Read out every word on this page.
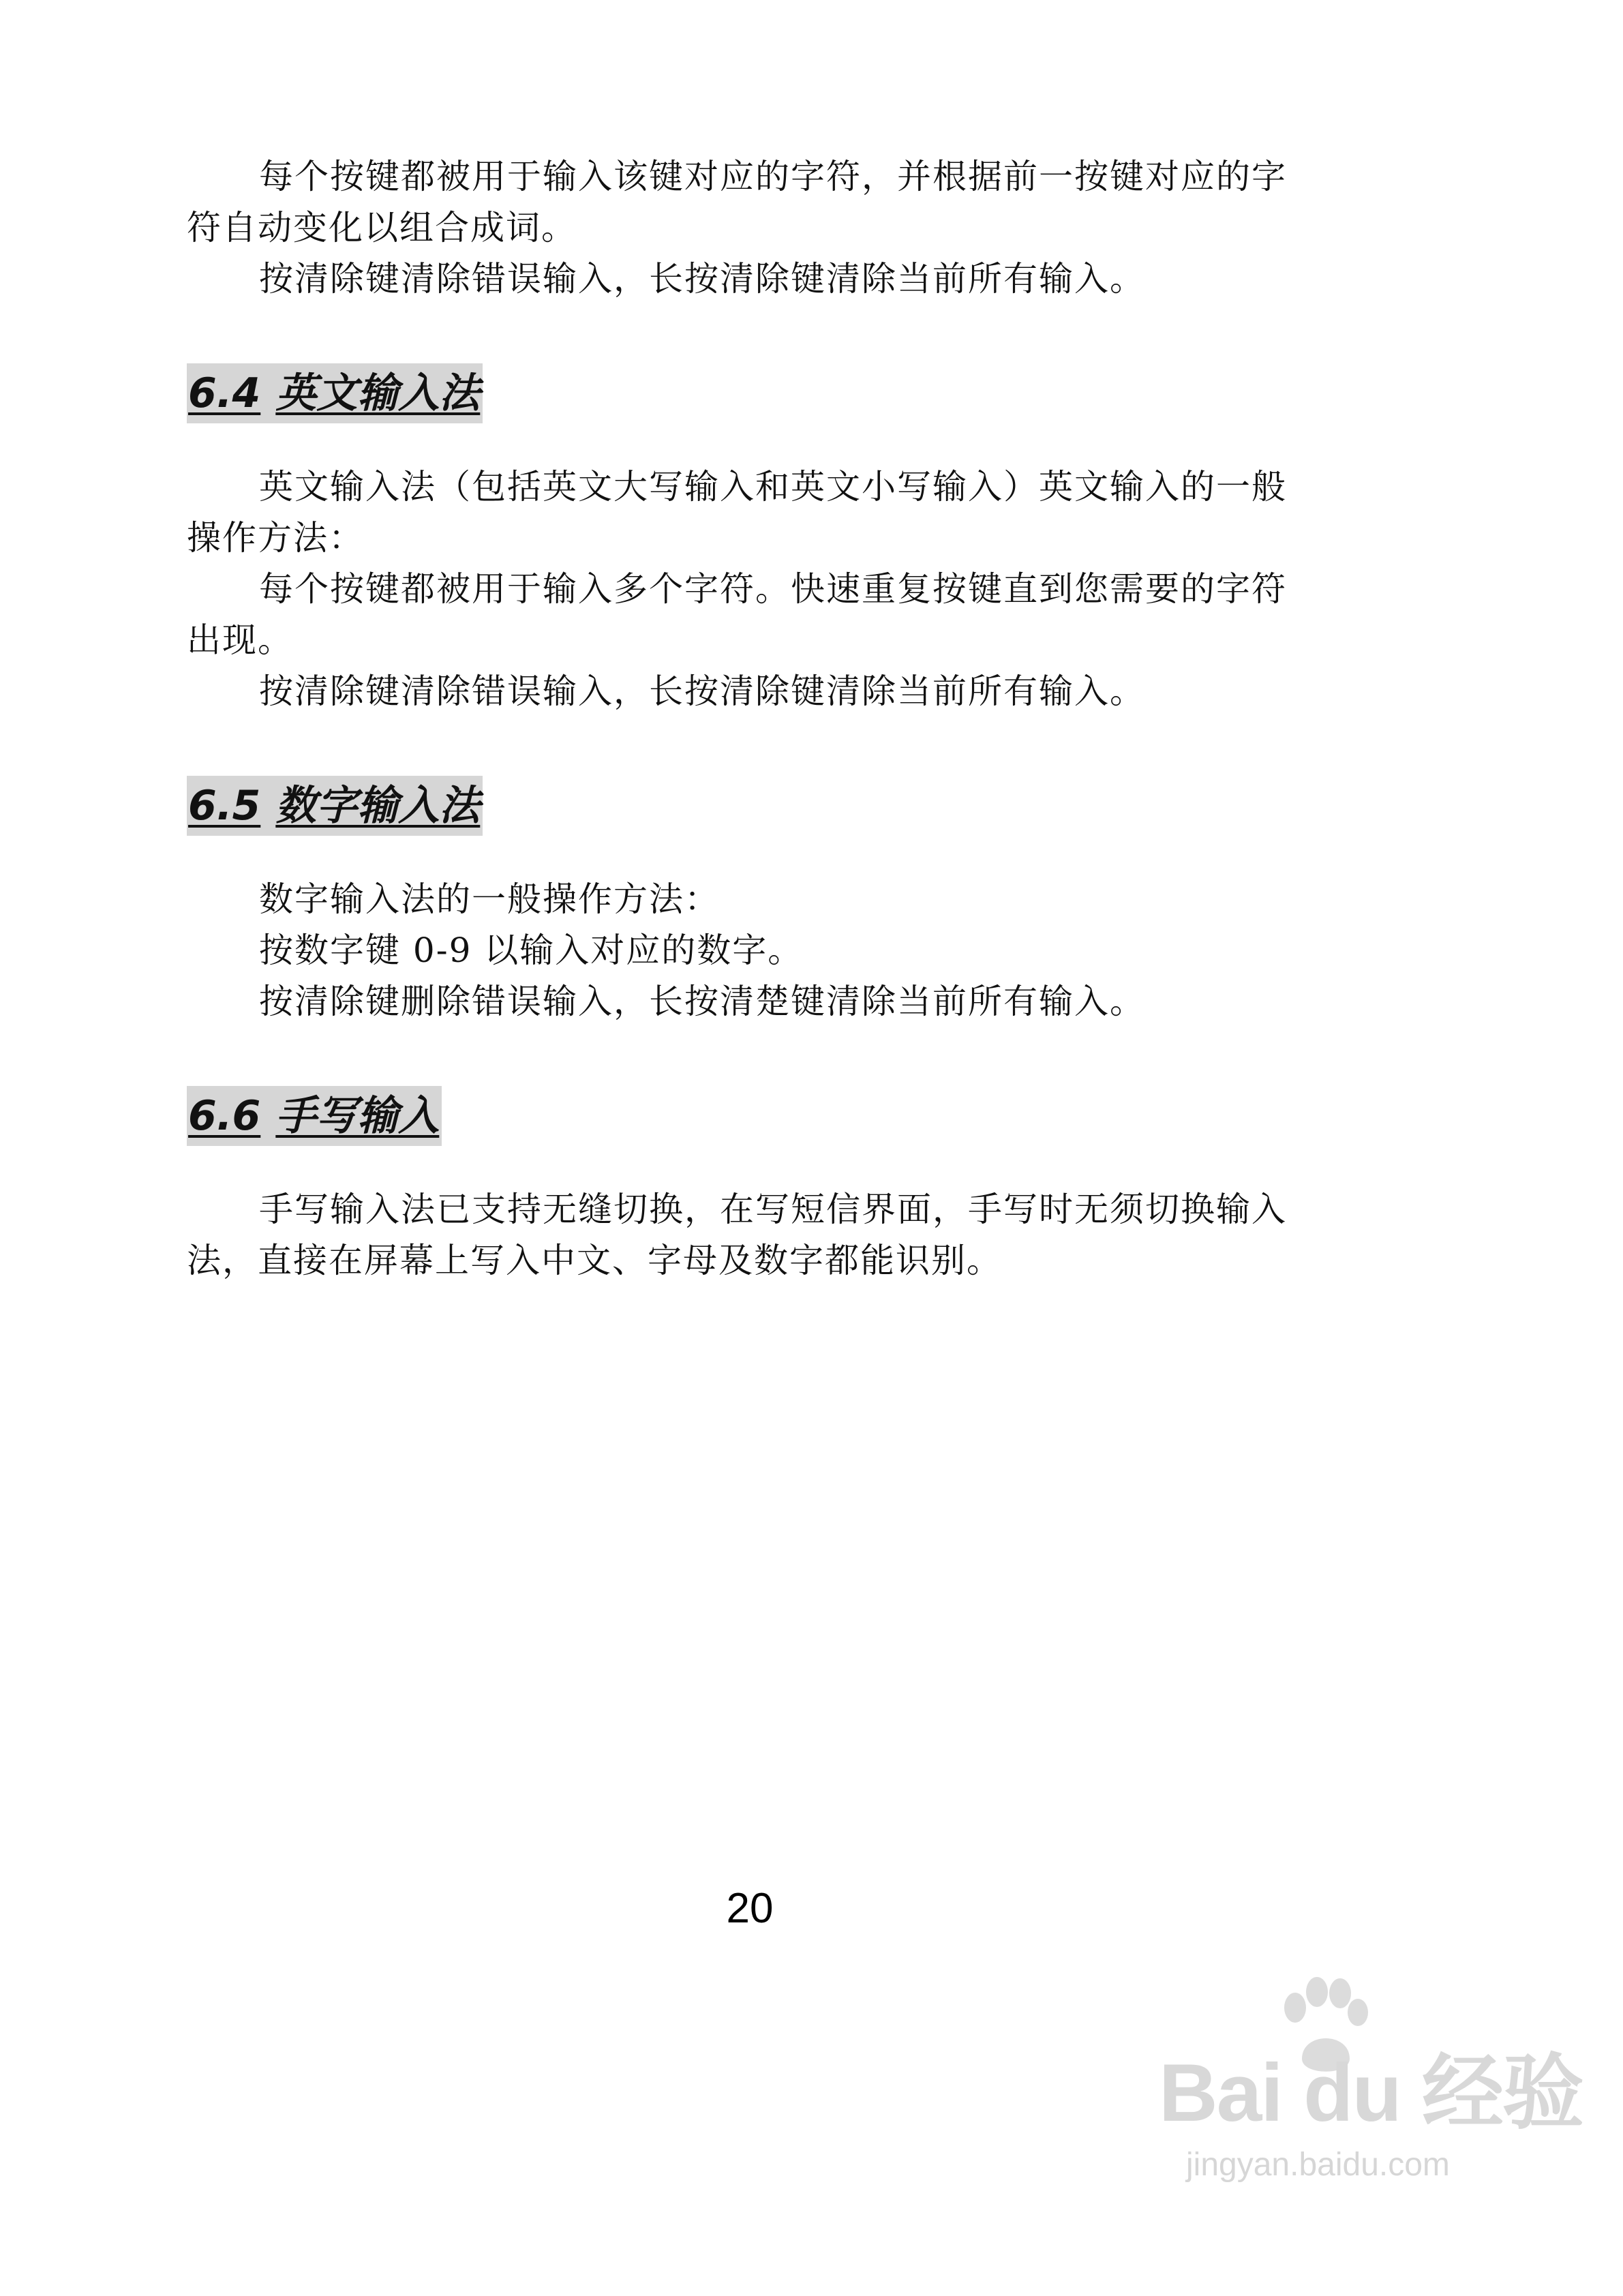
每个按键都被用于输入该键对应的字符，并根据前一按键对应的字符自动变化以组合成词。

按清除键清除错误输入，长按清除键清除当前所有输入。

6.4 英文输入法

英文输入法（包括英文大写输入和英文小写输入）英文输入的一般操作方法：

每个按键都被用于输入多个字符。快速重复按键直到您需要的字符出现。

按清除键清除错误输入，长按清除键清除当前所有输入。

6.5 数字输入法

数字输入法的一般操作方法：

按数字键 0-9 以输入对应的数字。

按清除键删除错误输入，长按清楚键清除当前所有输入。

6.6 手写输入

手写输入法已支持无缝切换，在写短信界面，手写时无须切换输入法，直接在屏幕上写入中文、字母及数字都能识别。

20
Bai du 经验
jingyan.baidu.com
